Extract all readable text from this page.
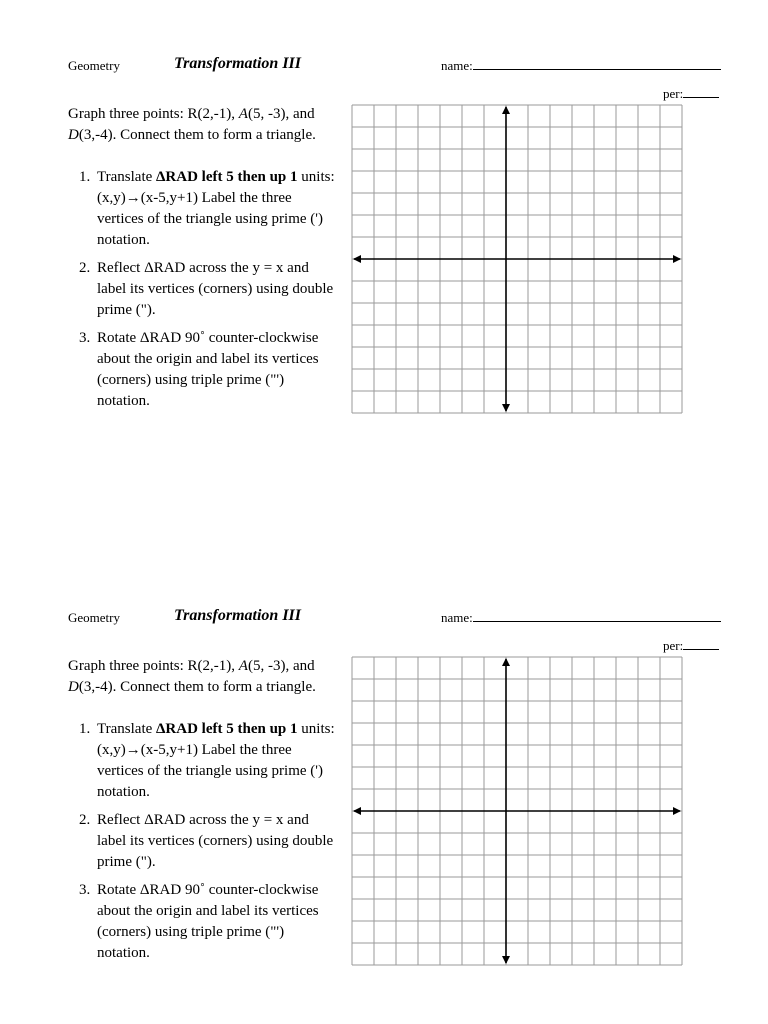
Geometry	Transformation III	name:
per:
Graph three points: R(2,-1), A(5, -3), and D(3,-4). Connect them to form a triangle.
1. Translate ΔRAD left 5 then up 1 units: (x,y)→(x-5,y+1) Label the three vertices of the triangle using prime (') notation.
2. Reflect ΔRAD across the y = x and label its vertices (corners) using double prime (").
3. Rotate ΔRAD 90˚ counter-clockwise about the origin and label its vertices (corners) using triple prime ("') notation.
Geometry	Transformation III	name:
per:
Graph three points: R(2,-1), A(5, -3), and D(3,-4). Connect them to form a triangle.
1. Translate ΔRAD left 5 then up 1 units: (x,y)→(x-5,y+1) Label the three vertices of the triangle using prime (') notation.
2. Reflect ΔRAD across the y = x and label its vertices (corners) using double prime (").
3. Rotate ΔRAD 90˚ counter-clockwise about the origin and label its vertices (corners) using triple prime ("') notation.
